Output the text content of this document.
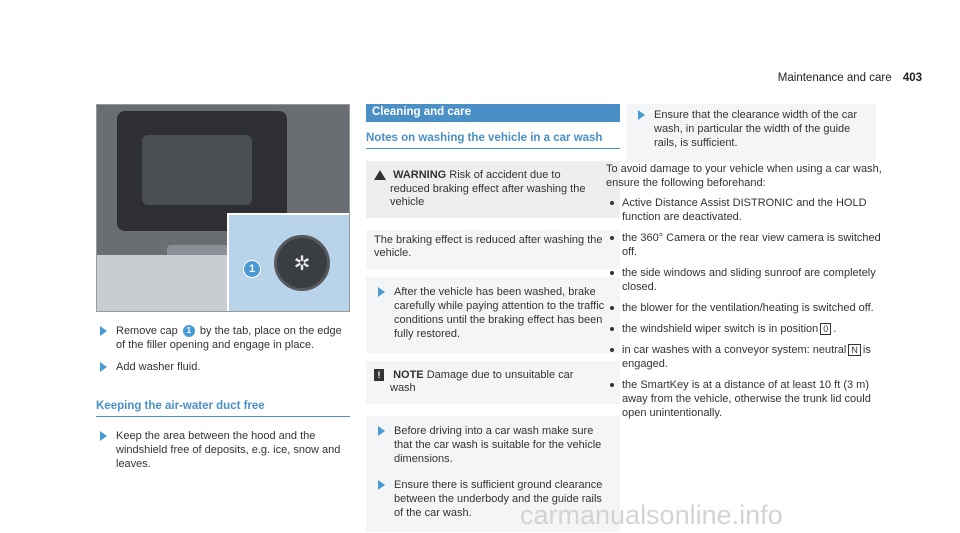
Maintenance and care 403
✲
1
Remove cap 1 by the tab, place on the edge of the filler opening and engage in place.
Add washer fluid.
Keeping the air-water duct free
Keep the area between the hood and the windshield free of deposits, e.g. ice, snow and leaves.
Cleaning and care
Notes on washing the vehicle in a car wash
WARNING Risk of accident due to
reduced braking effect after washing the vehicle
The braking effect is reduced after washing the vehicle.
After the vehicle has been washed, brake carefully while paying attention to the traffic conditions until the braking effect has been fully restored.
! NOTE Damage due to unsuitable car
wash
Before driving into a car wash make sure that the car wash is suitable for the vehicle dimensions.
Ensure there is sufficient ground clearance between the underbody and the guide rails of the car wash.
Ensure that the clearance width of the car wash, in particular the width of the guide rails, is sufficient.
To avoid damage to your vehicle when using a car wash, ensure the following beforehand:
Active Distance Assist DISTRONIC and the HOLD function are deactivated.
the 360° Camera or the rear view camera is switched off.
the side windows and sliding sunroof are completely closed.
the blower for the ventilation/heating is switched off.
the windshield wiper switch is in position 0 .
in car washes with a conveyor system: neutral N is engaged.
the SmartKey is at a distance of at least 10 ft (3 m) away from the vehicle, otherwise the trunk lid could open unintentionally.
carmanualsonline.info
